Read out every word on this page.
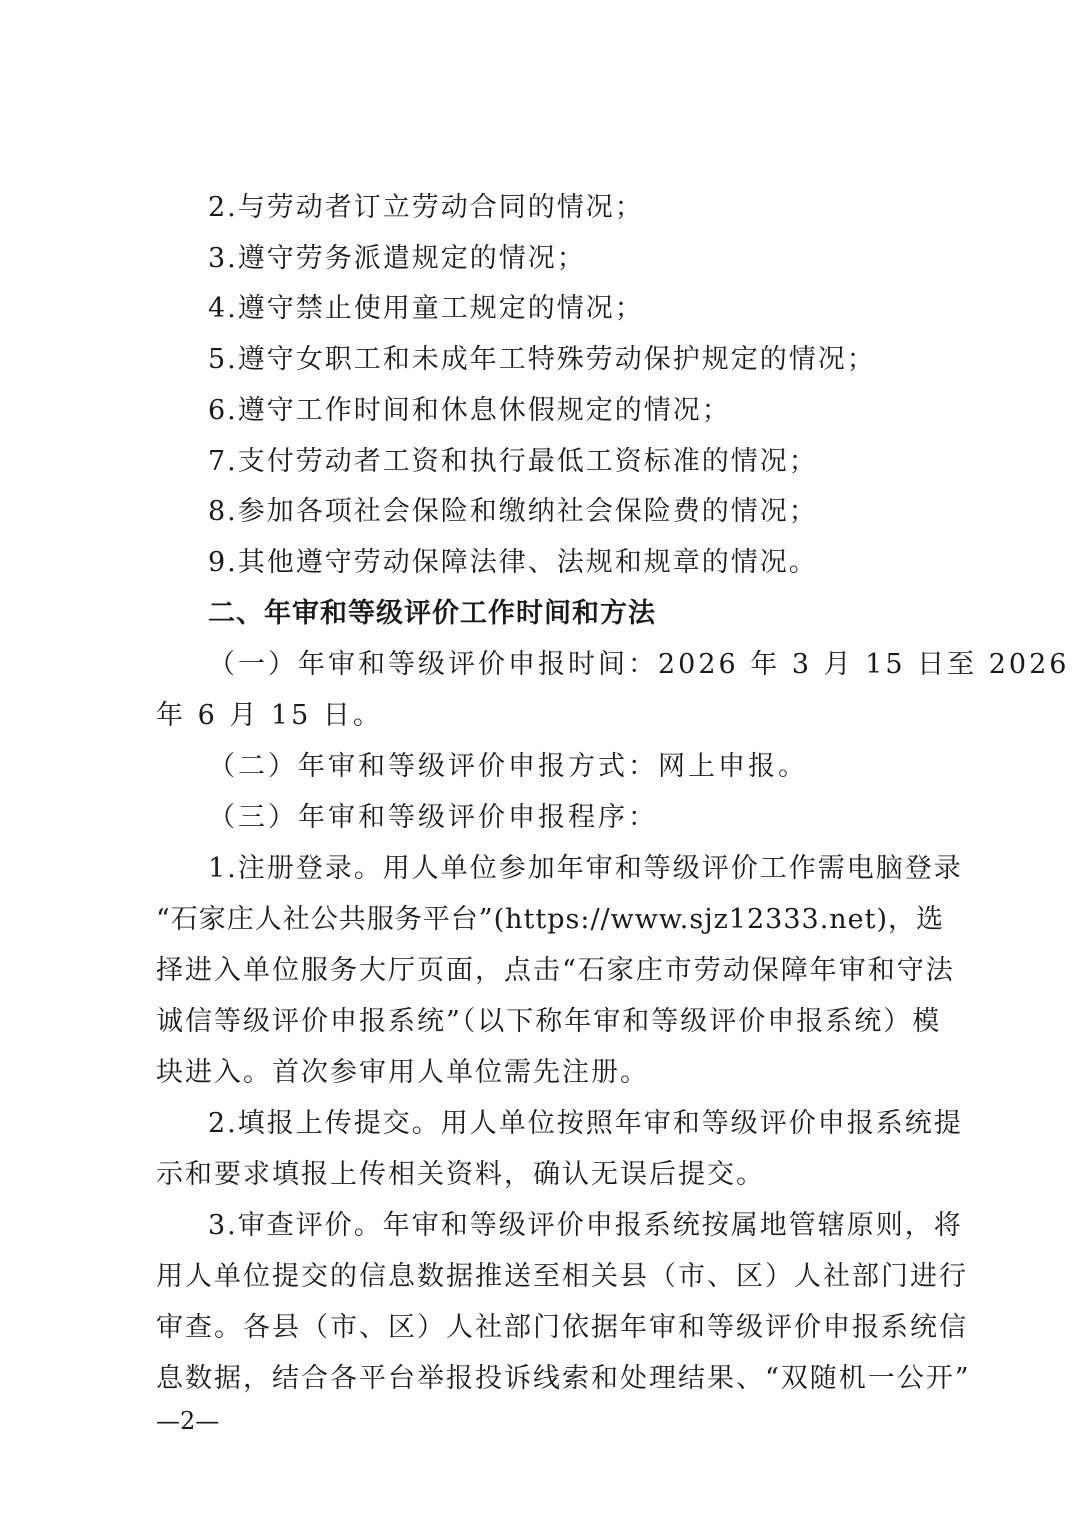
2.与劳动者订立劳动合同的情况；
3.遵守劳务派遣规定的情况；
4.遵守禁止使用童工规定的情况；
5.遵守女职工和未成年工特殊劳动保护规定的情况；
6.遵守工作时间和休息休假规定的情况；
7.支付劳动者工资和执行最低工资标准的情况；
8.参加各项社会保险和缴纳社会保险费的情况；
9.其他遵守劳动保障法律、法规和规章的情况。
二、年审和等级评价工作时间和方法
（一）年审和等级评价申报时间：2026 年 3 月 15 日至 2026
年 6 月 15 日。
（二）年审和等级评价申报方式：网上申报。
（三）年审和等级评价申报程序：
1.注册登录。用人单位参加年审和等级评价工作需电脑登录
“石家庄人社公共服务平台”(https://www.sjz12333.net)，选
择进入单位服务大厅页面，点击“石家庄市劳动保障年审和守法
诚信等级评价申报系统”（以下称年审和等级评价申报系统）模
块进入。首次参审用人单位需先注册。
2.填报上传提交。用人单位按照年审和等级评价申报系统提
示和要求填报上传相关资料，确认无误后提交。
3.审查评价。年审和等级评价申报系统按属地管辖原则，将
用人单位提交的信息数据推送至相关县（市、区）人社部门进行
审查。各县（市、区）人社部门依据年审和等级评价申报系统信
息数据，结合各平台举报投诉线索和处理结果、“双随机一公开”
—2—
